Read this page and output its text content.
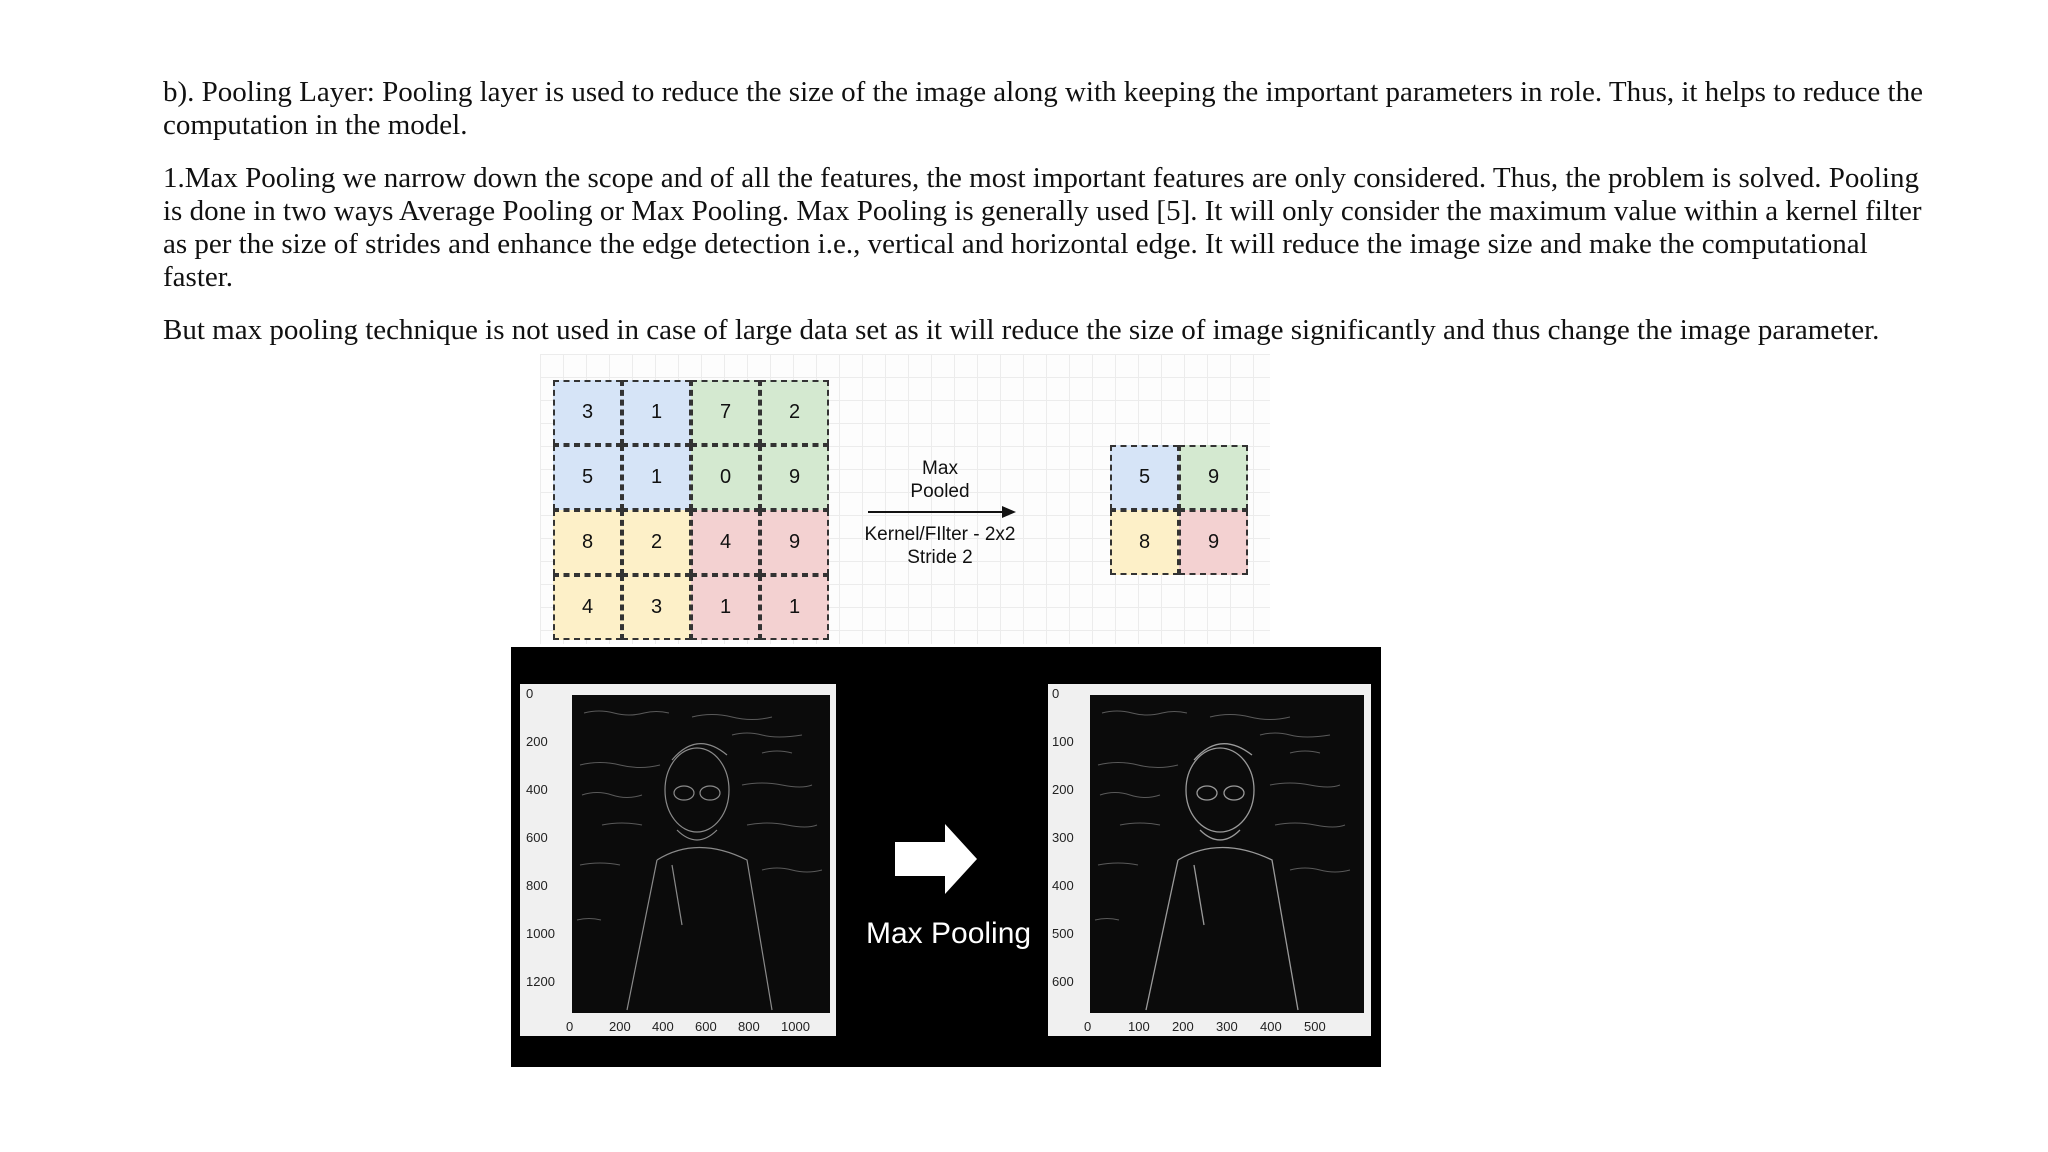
b). Pooling Layer: Pooling layer is used to reduce the size of the image along with keeping the important parameters in role. Thus, it helps to reduce the computation in the model.

1.Max Pooling we narrow down the scope and of all the features, the most important features are only considered. Thus, the problem is solved. Pooling is done in two ways Average Pooling or Max Pooling. Max Pooling is generally used [5]. It will only consider the maximum value within a kernel filter as per the size of strides and enhance the edge detection i.e., vertical and horizontal edge. It will reduce the image size and make the computational faster.

But max pooling technique is not used in case of large data set as it will reduce the size of image significantly and thus change the image parameter.

3	1	7	2
5	1	0	9
8	2	4	9
4	3	1	1
5	9
8	9
Max
Pooled
Kernel/FIlter - 2x2
Stride 2
0
200
400
600
800
1000
1200
0	200 400 600 800 1000
Max Pooling
0
100
200
300
400
500
600
0	100 200 300 400 500
